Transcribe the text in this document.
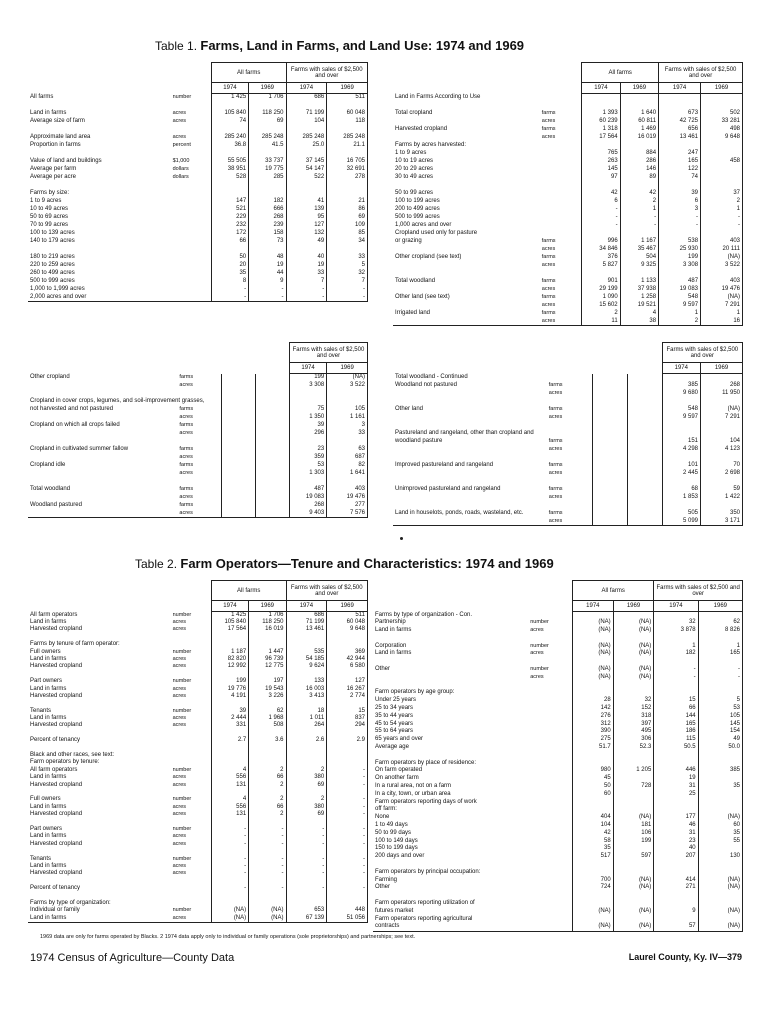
Table 1. Farms, Land in Farms, and Land Use: 1974 and 1969
		All farms		Farms with sales of $2,500 and over	
		1974	1969	1974	1969
All farms	number	1 425	1 706	686	511

Land in farms	acres	105 840	118 250	71 199	60 048
Average size of farm	acres	74	69	104	118

Approximate land area	acres	285 240	285 248	285 248	285 248
Proportion in farms	percent	36.8	41.5	25.0	21.1

Value of land and buildings	$1,000	55 505	33 737	37 145	16 705
Average per farm	dollars	38 951	19 775	54 147	32 691
Average per acre	dollars	528	285	522	278

Farms by size:					
1 to 9 acres		147	182	41	21
10 to 49 acres		521	666	139	86
50 to 69 acres		229	268	95	69
70 to 99 acres		232	239	127	109
100 to 139 acres		172	158	132	85
140 to 179 acres		66	73	49	34

180 to 219 acres		50	48	40	33
220 to 259 acres		20	19	19	5
260 to 499 acres		35	44	33	32
500 to 999 acres		8	9	7	7
1,000 to 1,999 acres		-	-	-	-
2,000 acres and over		-	-	-	-
		All farms		Farms with sales of $2,500 and over	
		1974	1969	1974	1969
Land in Farms According to Use					

Total cropland	farms	1 393	1 640	673	502
	acres	60 239	60 811	42 725	33 281
Harvested cropland	farms	1 318	1 469	656	498
	acres	17 564	16 019	13 461	9 648
Farms by acres harvested:					
1 to 9 acres		765	884	247	
10 to 19 acres		263	286	165	458
20 to 29 acres		145	146	122	
30 to 49 acres		97	89	74	

50 to 99 acres		42	42	39	37
100 to 199 acres		6	2	6	2
200 to 499 acres		-	1	3	1
500 to 999 acres		-	-	-	-
1,000 acres and over		-	-	-	-
Cropland used only for pasture					
or grazing	farms	996	1 167	538	403
	acres	34 846	35 467	25 930	20 111
Other cropland (see text)	farms	376	504	199	(NA)
	acres	5 827	9 325	3 308	3 522

Total woodland	farms	901	1 133	487	403
	acres	29 199	37 938	19 083	19 476
Other land (see text)	farms	1 090	1 258	548	(NA)
	acres	15 602	19 521	9 597	7 291
Irrigated land	farms	2	4	1	1
	acres	11	38	2	16
				Farms with sales of $2,500 and over	
				1974	1969
Other cropland	farms			199	(NA)
	acres			3 308	3 522

Cropland in cover crops, legumes, and soil-improvement grasses,					
not harvested and not pastured	farms			75	105
	acres			1 350	1 161
Cropland on which all crops failed	farms			39	3
	acres			296	33

Cropland in cultivated summer fallow	farms			23	63
	acres			359	687
Cropland idle	farms			53	82
	acres			1 303	1 641

Total woodland	farms			487	403
	acres			19 083	19 476
Woodland pastured	farms			268	277
	acres			9 403	7 576
				Farms with sales of $2,500 and over	
				1974	1969
Total woodland - Continued					
Woodland not pastured	farms			385	268
	acres			9 680	11 950

Other land	farms			548	(NA)
	acres			9 597	7 291

Pastureland and rangeland, other than cropland and					
woodland pasture	farms			151	104
	acres			4 298	4 123

Improved pastureland and rangeland	farms			101	70
	acres			2 445	2 698

Unimproved pastureland and rangeland	farms			68	59
	acres			1 853	1 422

Land in houselots, ponds, roads, wasteland, etc.	farms			505	350
	acres			5 099	3 171
Table 2. Farm Operators—Tenure and Characteristics: 1974 and 1969
		All farms		Farms with sales of $2,500 and over	
		1974	1969	1974	1969
All farm operators	number	1 425	1 706	686	511
Land in farms	acres	105 840	118 250	71 199	60 048
Harvested cropland	acres	17 564	16 019	13 461	9 648

Farms by tenure of farm operator:					
Full owners	number	1 187	1 447	535	369
Land in farms	acres	82 820	96 739	54 185	42 944
Harvested cropland	acres	12 992	12 775	9 624	6 580

Part owners	number	199	197	133	127
Land in farms	acres	19 776	19 543	16 003	16 267
Harvested cropland	acres	4 191	3 226	3 413	2 774

Tenants	number	39	62	18	15
Land in farms	acres	2 444	1 968	1 011	837
Harvested cropland	acres	331	508	264	294

Percent of tenancy		2.7	3.6	2.6	2.9

Black and other races, see text:					
Farm operators by tenure:					
All farm operators	number	4	2	2	-
Land in farms	acres	556	66	380	-
Harvested cropland	acres	131	2	69	-

Full owners	number	4	2	2	-
Land in farms	acres	556	66	380	-
Harvested cropland	acres	131	2	69	-

Part owners	number	-	-	-	-
Land in farms	acres	-	-	-	-
Harvested cropland	acres	-	-	-	-

Tenants	number	-	-	-	-
Land in farms	acres	-	-	-	-
Harvested cropland	acres	-	-	-	-

Percent of tenancy		-	-	-	-

Farms by type of organization:					
Individual or family	number	(NA)	(NA)	653	448
Land in farms	acres	(NA)	(NA)	67 139	51 056
		All farms		Farms with sales of $2,500 and over	
		1974	1969	1974	1969
Farms by type of organization - Con.					
Partnership	number	(NA)	(NA)	32	62
Land in farms	acres	(NA)	(NA)	3 878	8 826

Corporation	number	(NA)	(NA)	1	1
Land in farms	acres	(NA)	(NA)	182	165

Other	number	(NA)	(NA)	-	-
	acres	(NA)	(NA)	-	-

Farm operators by age group:					
Under 25 years		28	32	15	5
25 to 34 years		142	152	66	53
35 to 44 years		276	318	144	105
45 to 54 years		312	397	165	145
55 to 64 years		390	495	186	154
65 years and over		275	306	115	49
Average age		51.7	52.3	50.5	50.0

Farm operators by place of residence:					
On farm operated		980	1 205	446	385
On another farm		45		19	
In a rural area, not on a farm		50	728	31	35
In a city, town, or urban area		60		25	
Farm operators reporting days of work					
off farm:					
None		404	(NA)	177	(NA)
1 to 49 days		104	181	46	60
50 to 99 days		42	106	31	35
100 to 149 days		58	199	23	55
150 to 199 days		35		40	
200 days and over		517	597	207	130

Farm operators by principal occupation:					
Farming		700	(NA)	414	(NA)
Other		724	(NA)	271	(NA)

Farm operators reporting utilization of					
futures market		(NA)	(NA)	9	(NA)
Farm operators reporting agricultural					
contracts		(NA)	(NA)	57	(NA)
1969 data are only for farms operated by Blacks. 2 1974 data apply only to individual or family operations (sole proprietorships) and partnerships; see text.
1974 Census of Agriculture—County Data	Laurel County, Ky. IV—379
